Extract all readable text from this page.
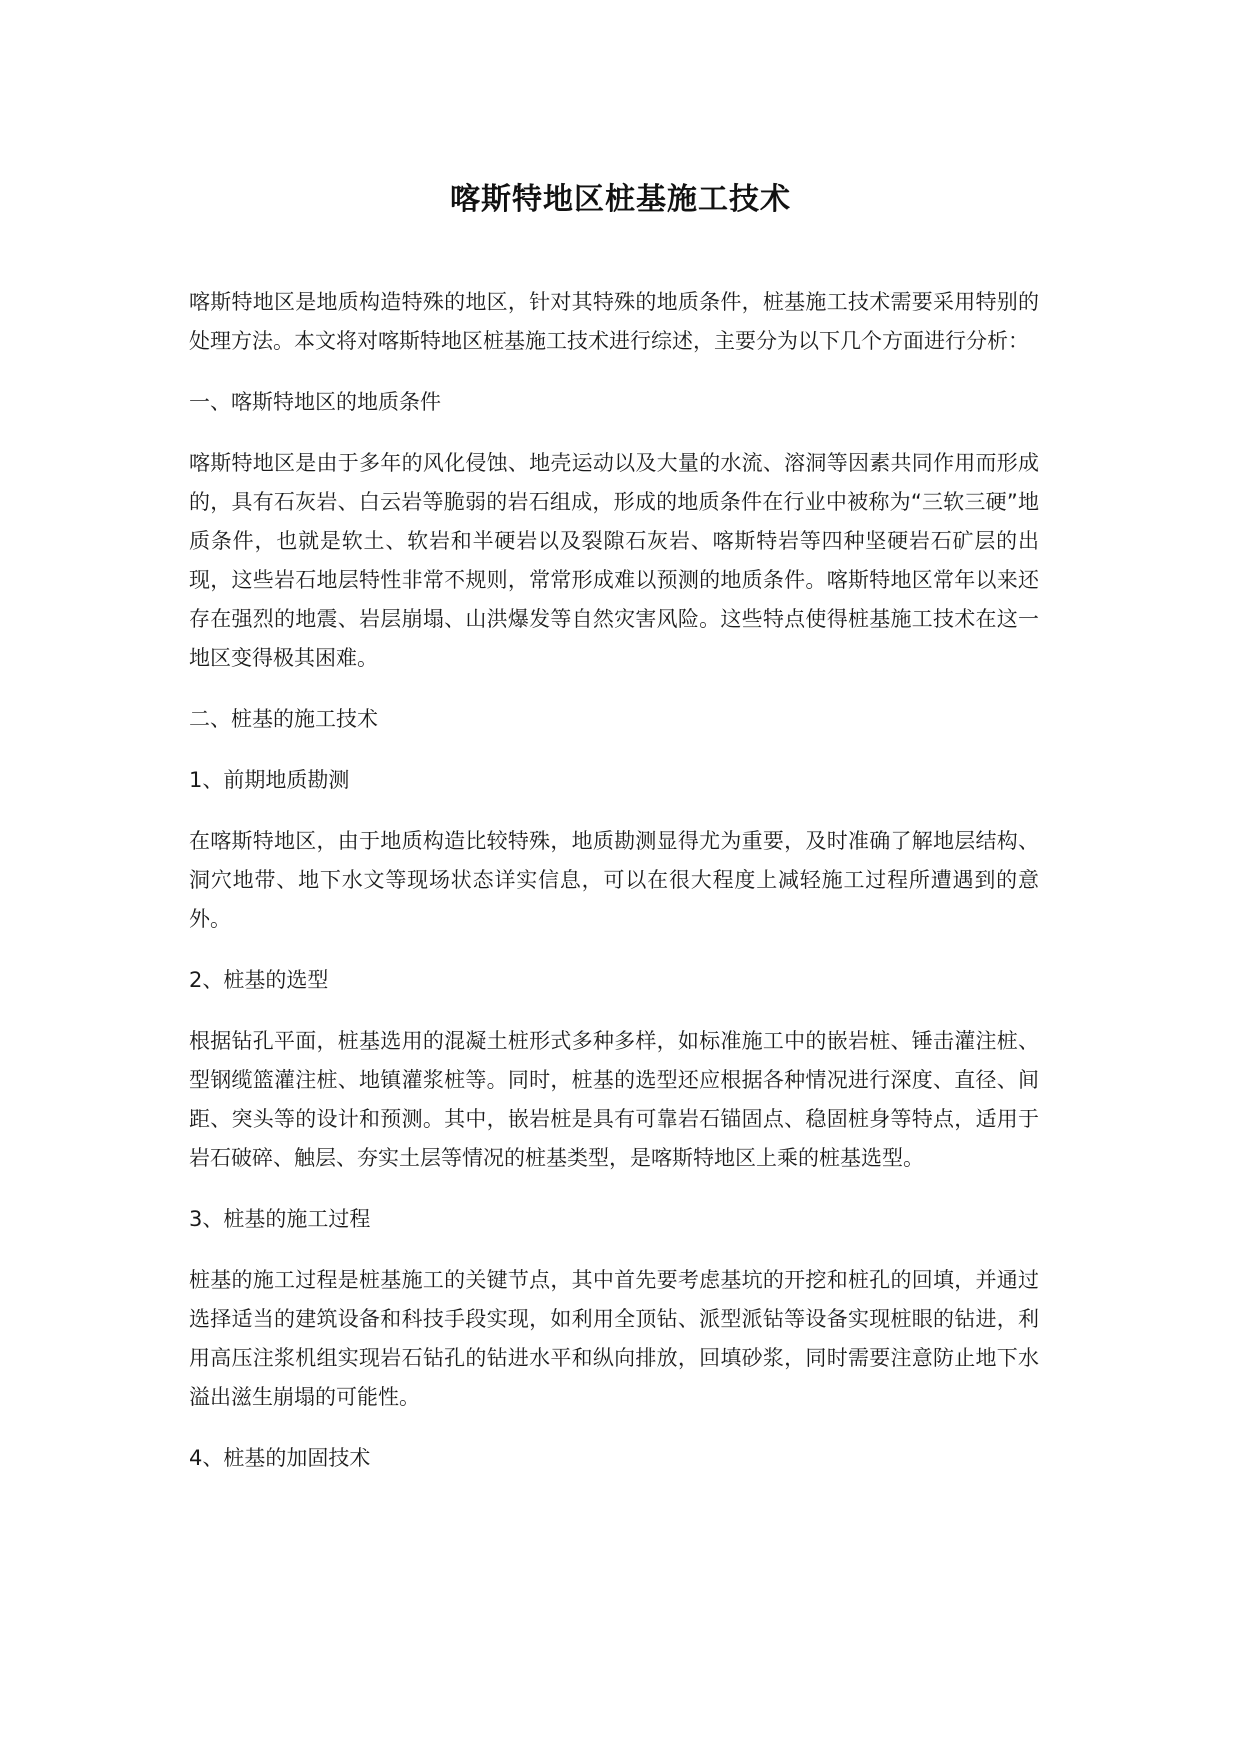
喀斯特地区桩基施工技术

喀斯特地区是地质构造特殊的地区，针对其特殊的地质条件，桩基施工技术需要采用特别的处理方法。本文将对喀斯特地区桩基施工技术进行综述，主要分为以下几个方面进行分析：

一、喀斯特地区的地质条件

喀斯特地区是由于多年的风化侵蚀、地壳运动以及大量的水流、溶洞等因素共同作用而形成的，具有石灰岩、白云岩等脆弱的岩石组成，形成的地质条件在行业中被称为“三软三硬”地质条件，也就是软土、软岩和半硬岩以及裂隙石灰岩、喀斯特岩等四种坚硬岩石矿层的出现，这些岩石地层特性非常不规则，常常形成难以预测的地质条件。喀斯特地区常年以来还存在强烈的地震、岩层崩塌、山洪爆发等自然灾害风险。这些特点使得桩基施工技术在这一地区变得极其困难。

二、桩基的施工技术

1、前期地质勘测

在喀斯特地区，由于地质构造比较特殊，地质勘测显得尤为重要，及时准确了解地层结构、洞穴地带、地下水文等现场状态详实信息，可以在很大程度上减轻施工过程所遭遇到的意外。

2、桩基的选型

根据钻孔平面，桩基选用的混凝土桩形式多种多样，如标准施工中的嵌岩桩、锤击灌注桩、型钢缆篮灌注桩、地镇灌浆桩等。同时，桩基的选型还应根据各种情况进行深度、直径、间距、突头等的设计和预测。其中，嵌岩桩是具有可靠岩石锚固点、稳固桩身等特点，适用于岩石破碎、触层、夯实土层等情况的桩基类型，是喀斯特地区上乘的桩基选型。

3、桩基的施工过程

桩基的施工过程是桩基施工的关键节点，其中首先要考虑基坑的开挖和桩孔的回填，并通过选择适当的建筑设备和科技手段实现，如利用全顶钻、派型派钻等设备实现桩眼的钻进，利用高压注浆机组实现岩石钻孔的钻进水平和纵向排放，回填砂浆，同时需要注意防止地下水溢出滋生崩塌的可能性。

4、桩基的加固技术
